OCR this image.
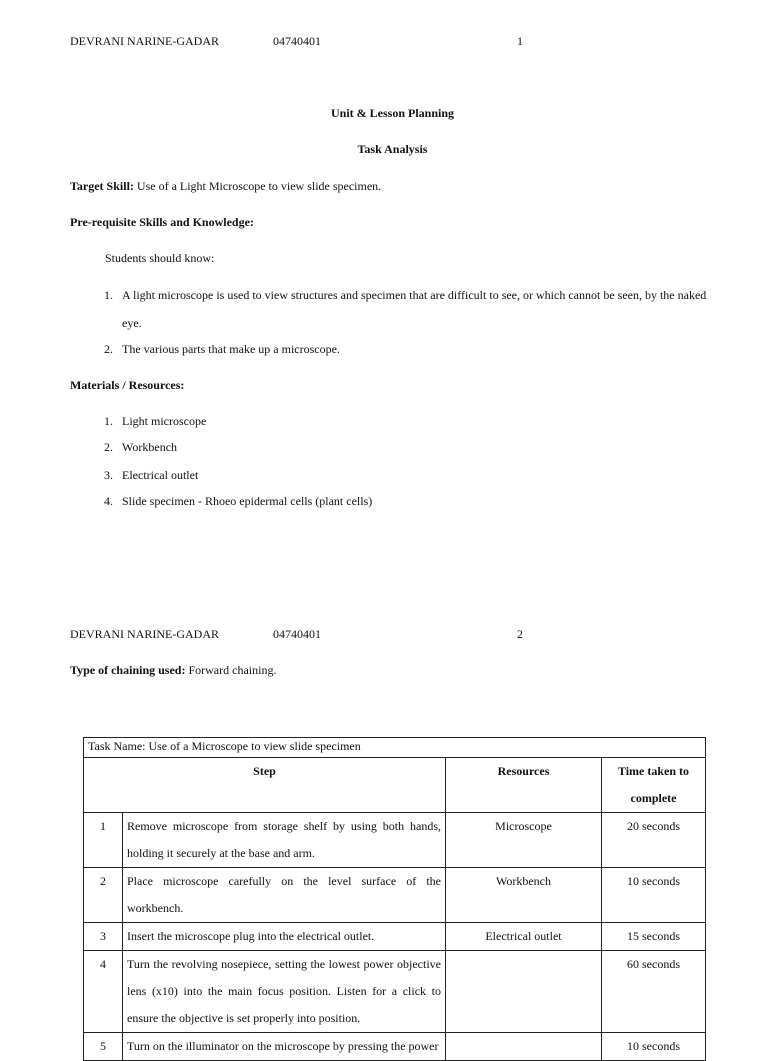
DEVRANI NARINE-GADAR	04740401	1
Unit & Lesson Planning
Task Analysis
Target Skill: Use of a Light Microscope to view slide specimen.
Pre-requisite Skills and Knowledge:
Students should know:
1. A light microscope is used to view structures and specimen that are difficult to see, or which cannot be seen, by the naked
eye.
2. The various parts that make up a microscope.
Materials / Resources:
1. Light microscope
2. Workbench
3. Electrical outlet
4. Slide specimen - Rhoeo epidermal cells (plant cells)
DEVRANI NARINE-GADAR	04740401	2
Type of chaining used: Forward chaining.
Task Name: Use of a Microscope to view slide specimen			
Step		Resources	Time taken to complete
1	Remove microscope from storage shelf by using both hands, holding it securely at the base and arm.	Microscope	20 seconds
2	Place microscope carefully on the level surface of the workbench.	Workbench	10 seconds
3	Insert the microscope plug into the electrical outlet.	Electrical outlet	15 seconds
4	Turn the revolving nosepiece, setting the lowest power objective lens (x10) into the main focus position. Listen for a click to ensure the objective is set properly into position.		60 seconds
5	Turn on the illuminator on the microscope by pressing the power		10 seconds
